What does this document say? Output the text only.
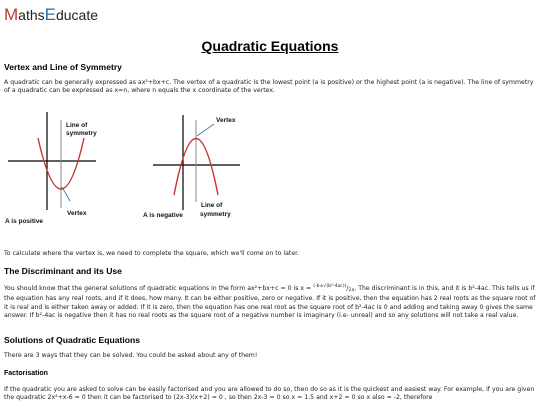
MathsEducate
Quadratic Equations
Vertex and Line of Symmetry

A quadratic can be generally expressed as ax²+bx+c. The vertex of a quadratic is the lowest point (a is positive) or the highest point (a is negative). The line of symmetry of a quadratic can be expressed as x=n, where n equals the x coordinate of the vertex.

Line of symmetry
Vertex
A is positive
Vertex
A is negative
Line of symmetry

To calculate where the vertex is, we need to complete the square, which we'll come on to later.

The Discriminant and its Use

You should know that the general solutions of quadratic equations in the form ax²+bx+c = 0 is $x = ^{(-b\pm√(b^2-4ac))}/_{2a}$. The discriminant is in this, and it is b²-4ac. This tells us if the equation has any real roots, and if it does, how many. It can be either positive, zero or negative. If it is positive, then the equation has 2 real roots as the square root of it is real and is either taken away or added. If it is zero, then the equation has one real root as the square root of b²-4ac is 0 and adding and taking away 0 gives the same answer. If b²-4ac is negative then it has no real roots as the square root of a negative number is imaginary (i.e- unreal) and so any solutions will not take a real value.

Solutions of Quadratic Equations

There are 3 ways that they can be solved. You could be asked about any of them!

Factorisation

If the quadratic you are asked to solve can be easily factorised and you are allowed to do so, then do so as it is the quickest and easiest way. For example, if you are given the quadratic 2x²+x-6 = 0 then it can be factorised to (2x-3)(x+2) = 0 , so then 2x-3 = 0 so x = 1.5 and x+2 = 0 so x also = -2, therefore
